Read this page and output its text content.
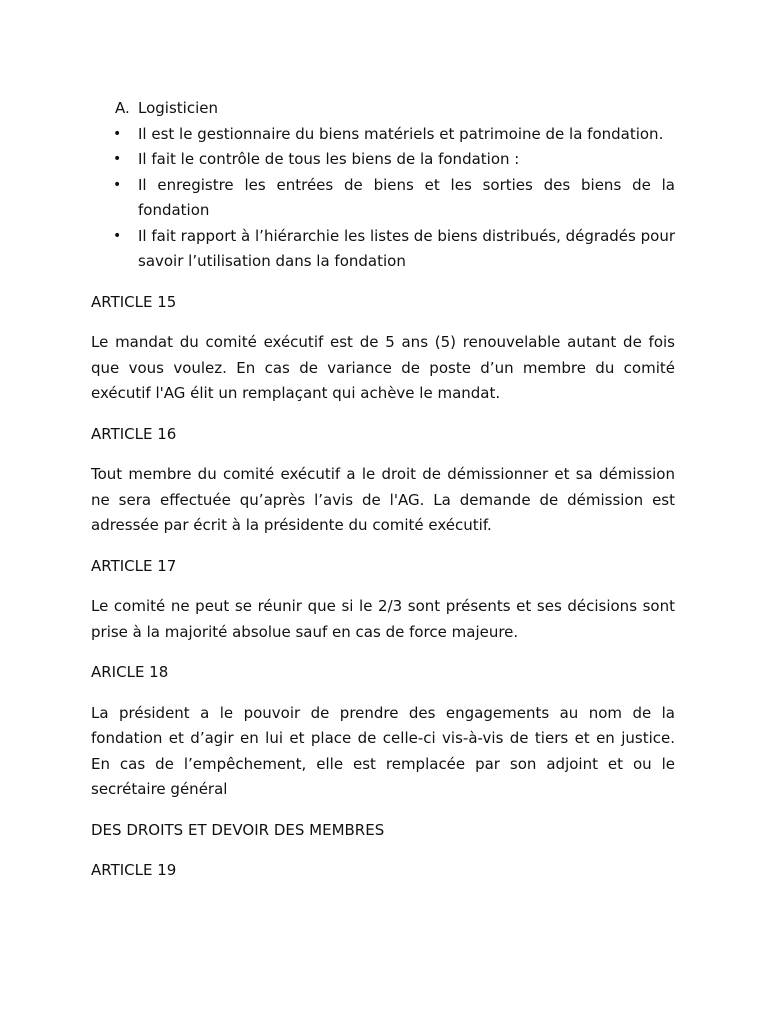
A. Logisticien
• Il est le gestionnaire du biens matériels et patrimoine de la fondation.
• Il fait le contrôle de tous les biens de la fondation :
• Il enregistre les entrées de biens et les sorties des biens de la fondation
• Il fait rapport à l’hiérarchie les listes de biens distribués, dégradés pour savoir l’utilisation dans la fondation

ARTICLE 15

Le mandat du comité exécutif est de 5 ans (5) renouvelable autant de fois que vous voulez. En cas de variance de poste d’un membre du comité exécutif l'AG élit un remplaçant qui achève le mandat.

ARTICLE 16

Tout membre du comité exécutif a le droit de démissionner et sa démission ne sera effectuée qu’après l’avis de l'AG. La demande de démission est adressée par écrit à la présidente du comité exécutif.

ARTICLE 17

Le comité ne peut se réunir que si le 2/3 sont présents et ses décisions sont prise à la majorité absolue sauf en cas de force majeure.

ARICLE 18

La président a le pouvoir de prendre des engagements au nom de la fondation et d’agir en lui et place de celle-ci vis-à-vis de tiers et en justice. En cas de l’empêchement, elle est remplacée par son adjoint et ou le secrétaire général

DES DROITS ET DEVOIR DES MEMBRES

ARTICLE 19
